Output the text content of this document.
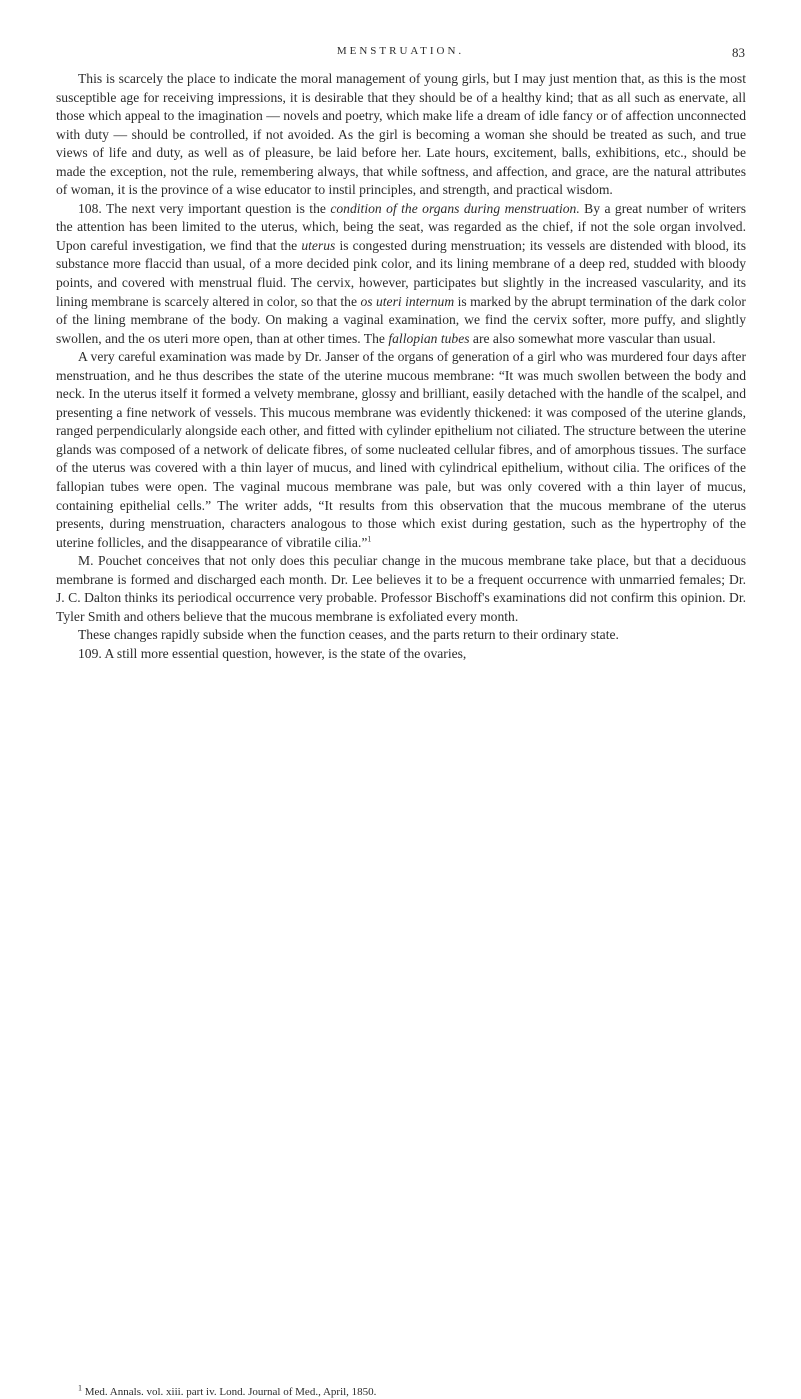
MENSTRUATION.	83

This is scarcely the place to indicate the moral management of young girls, but I may just mention that, as this is the most susceptible age for receiving impressions, it is desirable that they should be of a healthy kind; that as all such as enervate, all those which appeal to the imagination — novels and poetry, which make life a dream of idle fancy or of affection unconnected with duty — should be controlled, if not avoided. As the girl is becoming a woman she should be treated as such, and true views of life and duty, as well as of pleasure, be laid before her. Late hours, excitement, balls, exhibitions, etc., should be made the exception, not the rule, remembering always, that while softness, and affection, and grace, are the natural attributes of woman, it is the province of a wise educator to instil principles, and strength, and practical wisdom.

108. The next very important question is the condition of the organs during menstruation. By a great number of writers the attention has been limited to the uterus, which, being the seat, was regarded as the chief, if not the sole organ involved. Upon careful investigation, we find that the uterus is congested during menstruation; its vessels are distended with blood, its substance more flaccid than usual, of a more decided pink color, and its lining membrane of a deep red, studded with bloody points, and covered with menstrual fluid. The cervix, however, participates but slightly in the increased vascularity, and its lining membrane is scarcely altered in color, so that the os uteri internum is marked by the abrupt termination of the dark color of the lining membrane of the body. On making a vaginal examination, we find the cervix softer, more puffy, and slightly swollen, and the os uteri more open, than at other times. The fallopian tubes are also somewhat more vascular than usual.

A very careful examination was made by Dr. Janser of the organs of generation of a girl who was murdered four days after menstruation, and he thus describes the state of the uterine mucous membrane: “It was much swollen between the body and neck. In the uterus itself it formed a velvety membrane, glossy and brilliant, easily detached with the handle of the scalpel, and presenting a fine network of vessels. This mucous membrane was evidently thickened: it was composed of the uterine glands, ranged perpendicularly alongside each other, and fitted with cylinder epithelium not ciliated. The structure between the uterine glands was composed of a network of delicate fibres, of some nucleated cellular fibres, and of amorphous tissues. The surface of the uterus was covered with a thin layer of mucus, and lined with cylindrical epithelium, without cilia. The orifices of the fallopian tubes were open. The vaginal mucous membrane was pale, but was only covered with a thin layer of mucus, containing epithelial cells.” The writer adds, “It results from this observation that the mucous membrane of the uterus presents, during menstruation, characters analogous to those which exist during gestation, such as the hypertrophy of the uterine follicles, and the disappearance of vibratile cilia.”$^1$

M. Pouchet conceives that not only does this peculiar change in the mucous membrane take place, but that a deciduous membrane is formed and discharged each month. Dr. Lee believes it to be a frequent occurrence with unmarried females; Dr. J. C. Dalton thinks its periodical occurrence very probable. Professor Bischoff's examinations did not confirm this opinion. Dr. Tyler Smith and others believe that the mucous membrane is exfoliated every month.

These changes rapidly subside when the function ceases, and the parts return to their ordinary state.

109. A still more essential question, however, is the state of the ovaries,

$^1$ Med. Annals. vol. xiii. part iv. Lond. Journal of Med., April, 1850.
